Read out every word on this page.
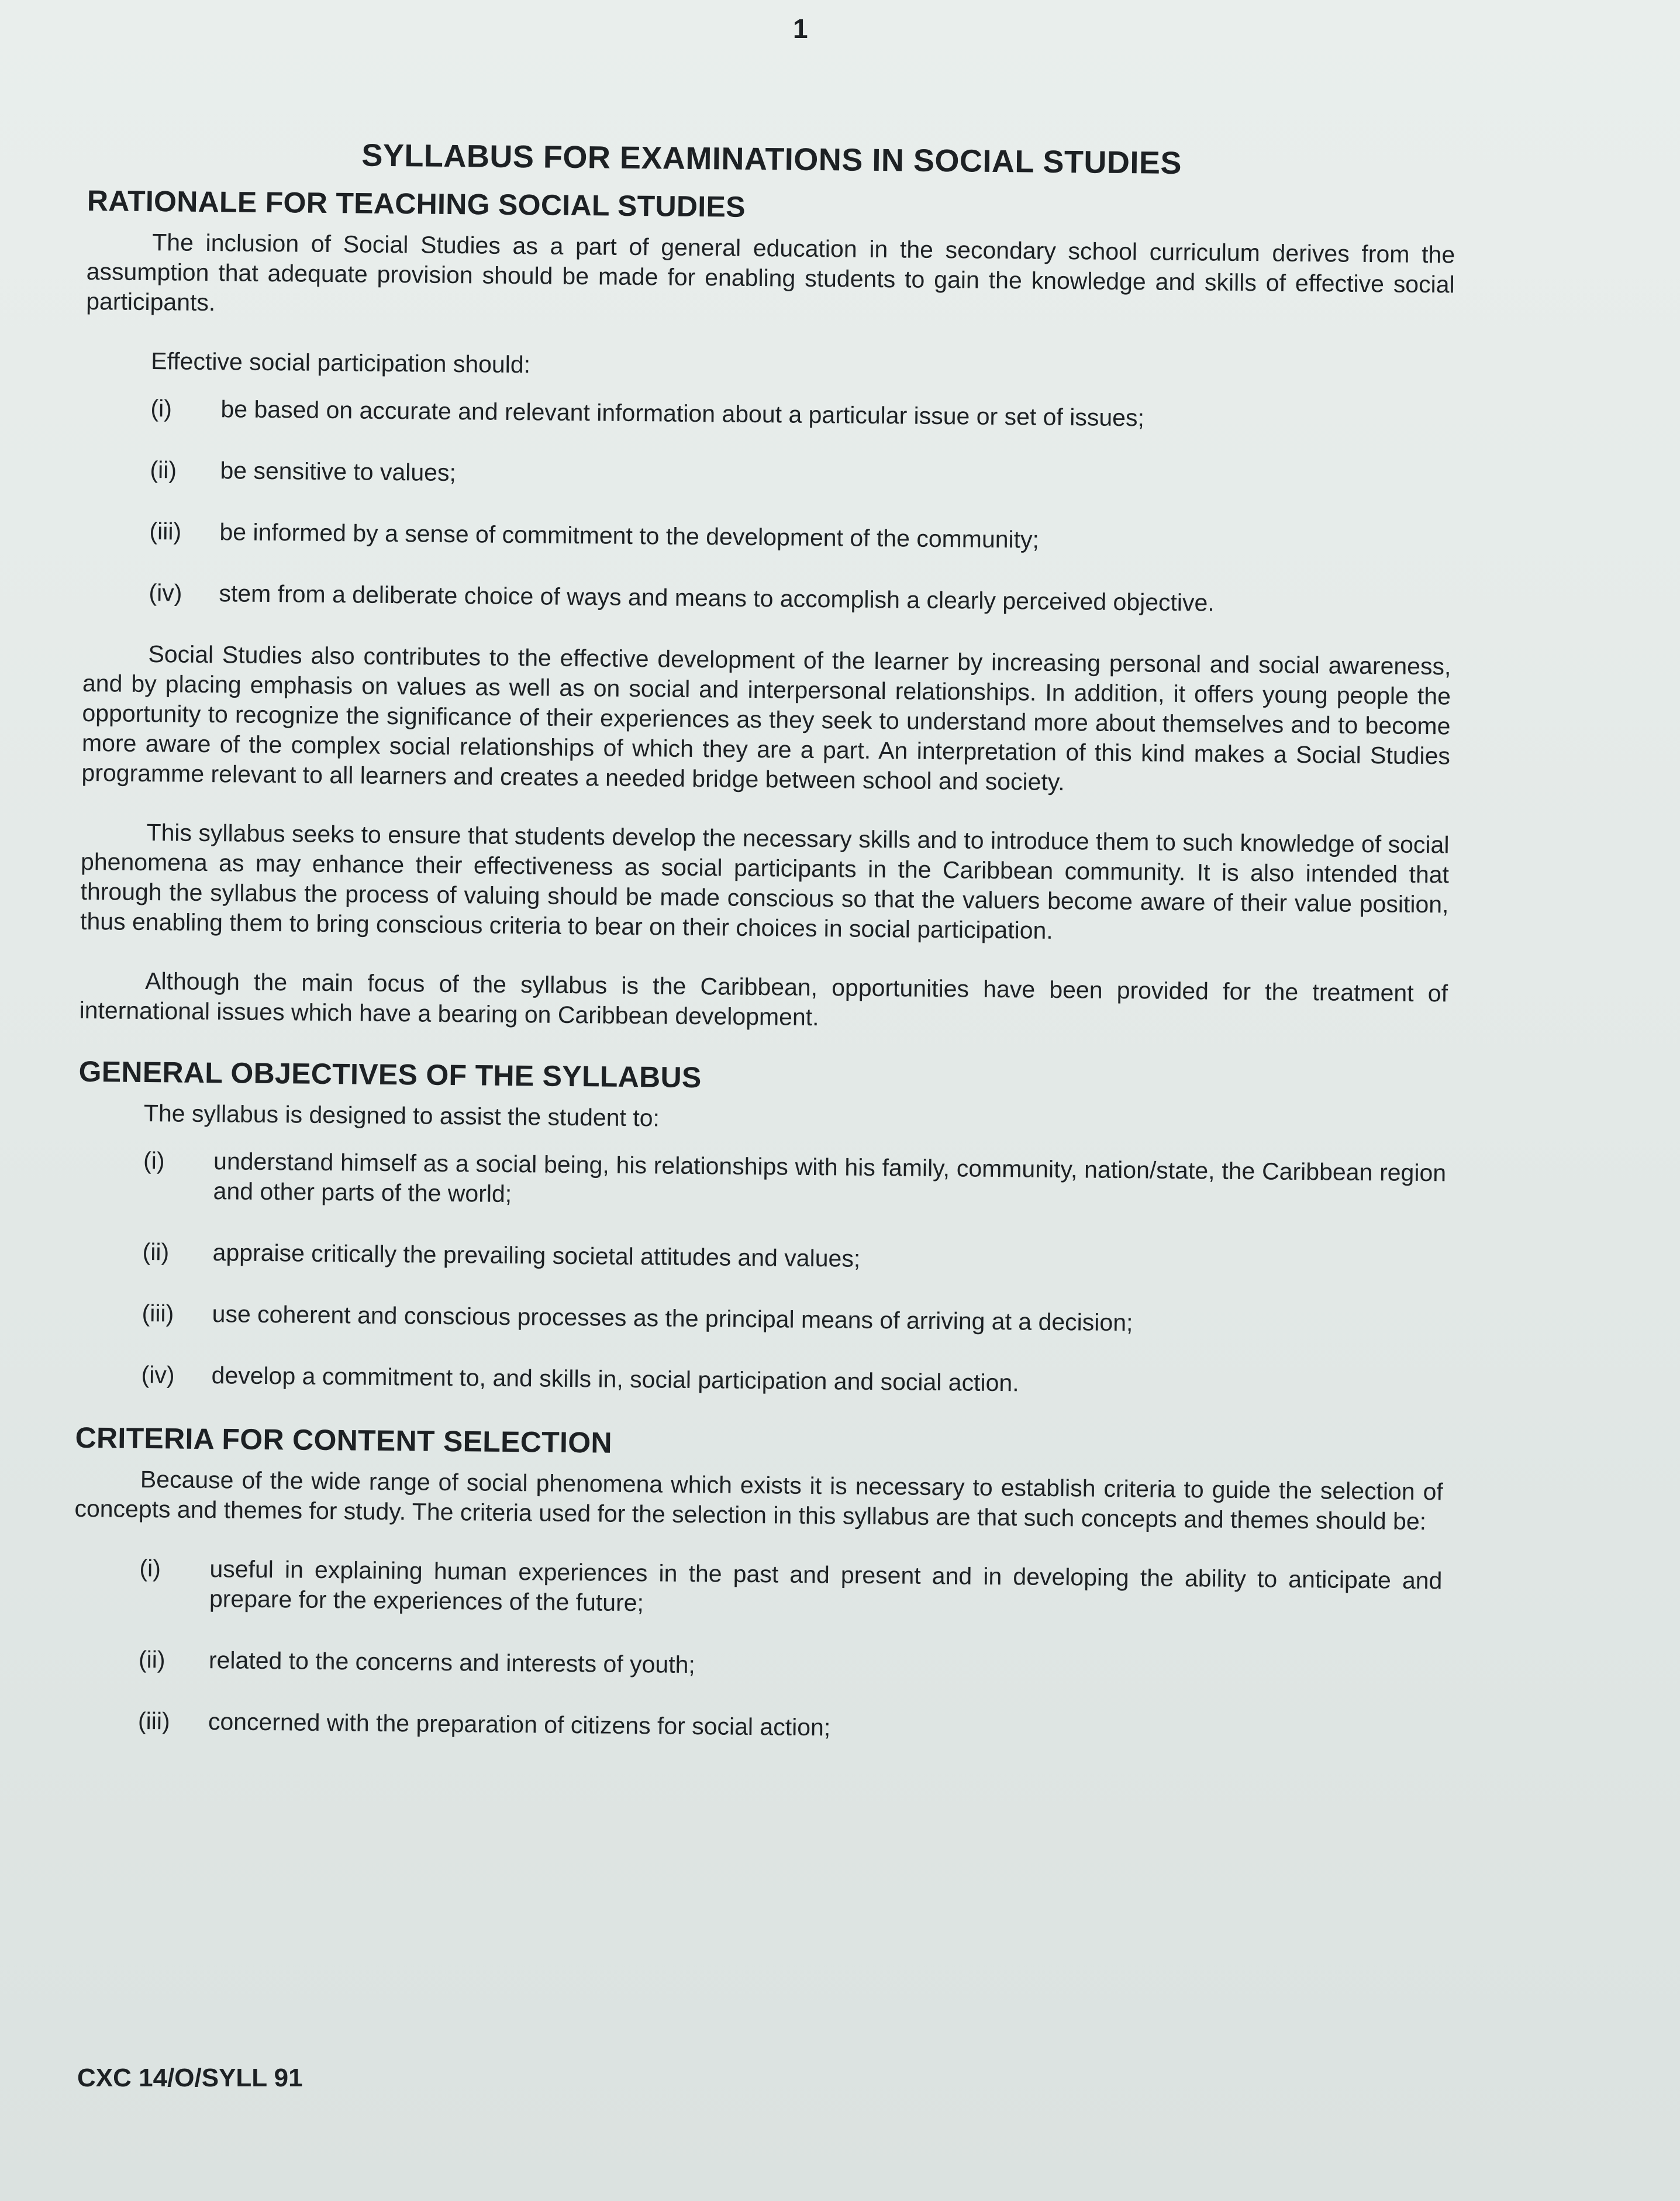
1
SYLLABUS FOR EXAMINATIONS IN SOCIAL STUDIES
RATIONALE FOR TEACHING SOCIAL STUDIES

The inclusion of Social Studies as a part of general education in the secondary school curriculum derives from the assumption that adequate provision should be made for enabling students to gain the knowledge and skills of effective social participants.

Effective social participation should:

(i)	be based on accurate and relevant information about a particular issue or set of issues;
(ii)	be sensitive to values;
(iii)	be informed by a sense of commitment to the development of the community;
(iv)	stem from a deliberate choice of ways and means to accomplish a clearly perceived objective.

Social Studies also contributes to the effective development of the learner by increasing personal and social awareness, and by placing emphasis on values as well as on social and interpersonal relationships. In addition, it offers young people the opportunity to recognize the significance of their experiences as they seek to understand more about themselves and to become more aware of the complex social relationships of which they are a part. An interpretation of this kind makes a Social Studies programme relevant to all learners and creates a needed bridge between school and society.

This syllabus seeks to ensure that students develop the necessary skills and to introduce them to such knowledge of social phenomena as may enhance their effectiveness as social participants in the Caribbean community. It is also intended that through the syllabus the process of valuing should be made conscious so that the valuers become aware of their value position, thus enabling them to bring conscious criteria to bear on their choices in social participation.

Although the main focus of the syllabus is the Caribbean, opportunities have been provided for the treatment of international issues which have a bearing on Caribbean development.

GENERAL OBJECTIVES OF THE SYLLABUS

The syllabus is designed to assist the student to:

(i)	understand himself as a social being, his relationships with his family, community, nation/state, the Caribbean region and other parts of the world;
(ii)	appraise critically the prevailing societal attitudes and values;
(iii)	use coherent and conscious processes as the principal means of arriving at a decision;
(iv)	develop a commitment to, and skills in, social participation and social action.
CRITERIA FOR CONTENT SELECTION

Because of the wide range of social phenomena which exists it is necessary to establish criteria to guide the selection of concepts and themes for study. The criteria used for the selection in this syllabus are that such concepts and themes should be:

(i)	useful in explaining human experiences in the past and present and in developing the ability to anticipate and prepare for the experiences of the future;
(ii)	related to the concerns and interests of youth;
(iii)	concerned with the preparation of citizens for social action;
CXC 14/O/SYLL 91
